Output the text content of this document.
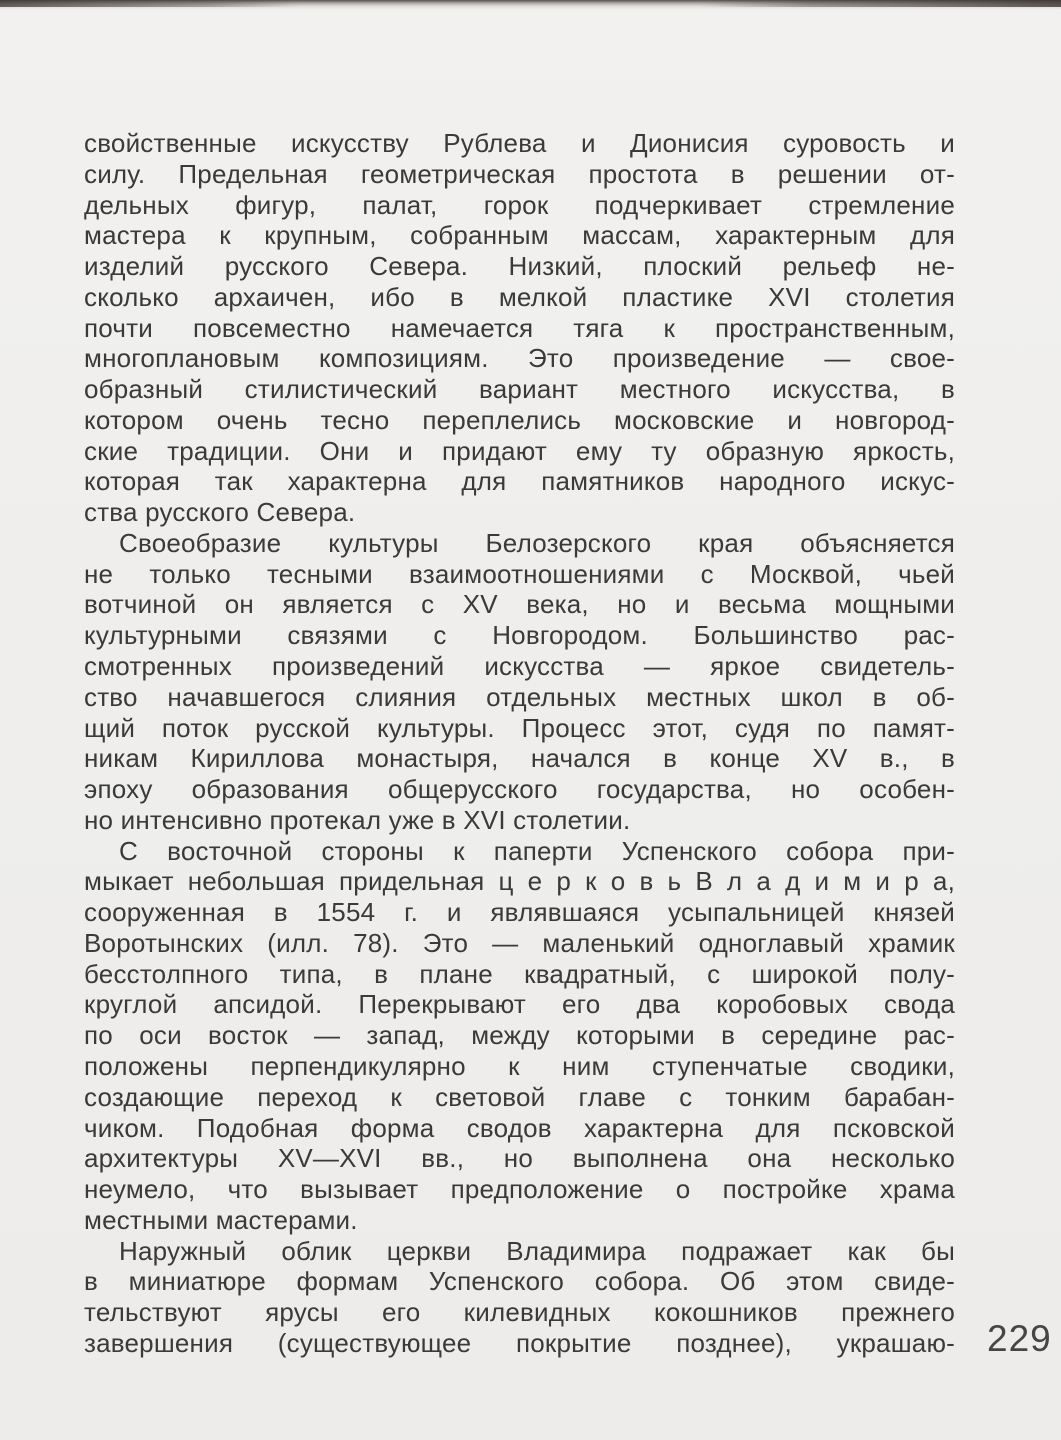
свойственные искусству Рублева и Дионисия суровость и
силу. Предельная геометрическая простота в решении от-
дельных фигур, палат, горок подчеркивает стремление
мастера к крупным, собранным массам, характерным для
изделий русского Севера. Низкий, плоский рельеф не-
сколько архаичен, ибо в мелкой пластике XVI столетия
почти повсеместно намечается тяга к пространственным,
многоплановым композициям. Это произведение — свое-
образный стилистический вариант местного искусства, в
котором очень тесно переплелись московские и новгород-
ские традиции. Они и придают ему ту образную яркость,
которая так характерна для памятников народного искус-
ства русского Севера.
Своеобразие культуры Белозерского края объясняется
не только тесными взаимоотношениями с Москвой, чьей
вотчиной он является с XV века, но и весьма мощными
культурными связями с Новгородом. Большинство рас-
смотренных произведений искусства — яркое свидетель-
ство начавшегося слияния отдельных местных школ в об-
щий поток русской культуры. Процесс этот, судя по памят-
никам Кириллова монастыря, начался в конце XV в., в
эпоху образования общерусского государства, но особен-
но интенсивно протекал уже в XVI столетии.
С восточной стороны к паперти Успенского собора при-
мыкает небольшая придельная ц е р к о в ь В л а д и м и р а,
сооруженная в 1554 г. и являвшаяся усыпальницей князей
Воротынских (илл. 78). Это — маленький одноглавый храмик
бесстолпного типа, в плане квадратный, с широкой полу-
круглой апсидой. Перекрывают его два коробовых свода
по оси восток — запад, между которыми в середине рас-
положены перпендикулярно к ним ступенчатые сводики,
создающие переход к световой главе с тонким барабан-
чиком. Подобная форма сводов характерна для псковской
архитектуры XV—XVI вв., но выполнена она несколько
неумело, что вызывает предположение о постройке храма
местными мастерами.
Наружный облик церкви Владимира подражает как бы
в миниатюре формам Успенского собора. Об этом свиде-
тельствуют ярусы его килевидных кокошников прежнего
завершения (существующее покрытие позднее), украшаю- 229
